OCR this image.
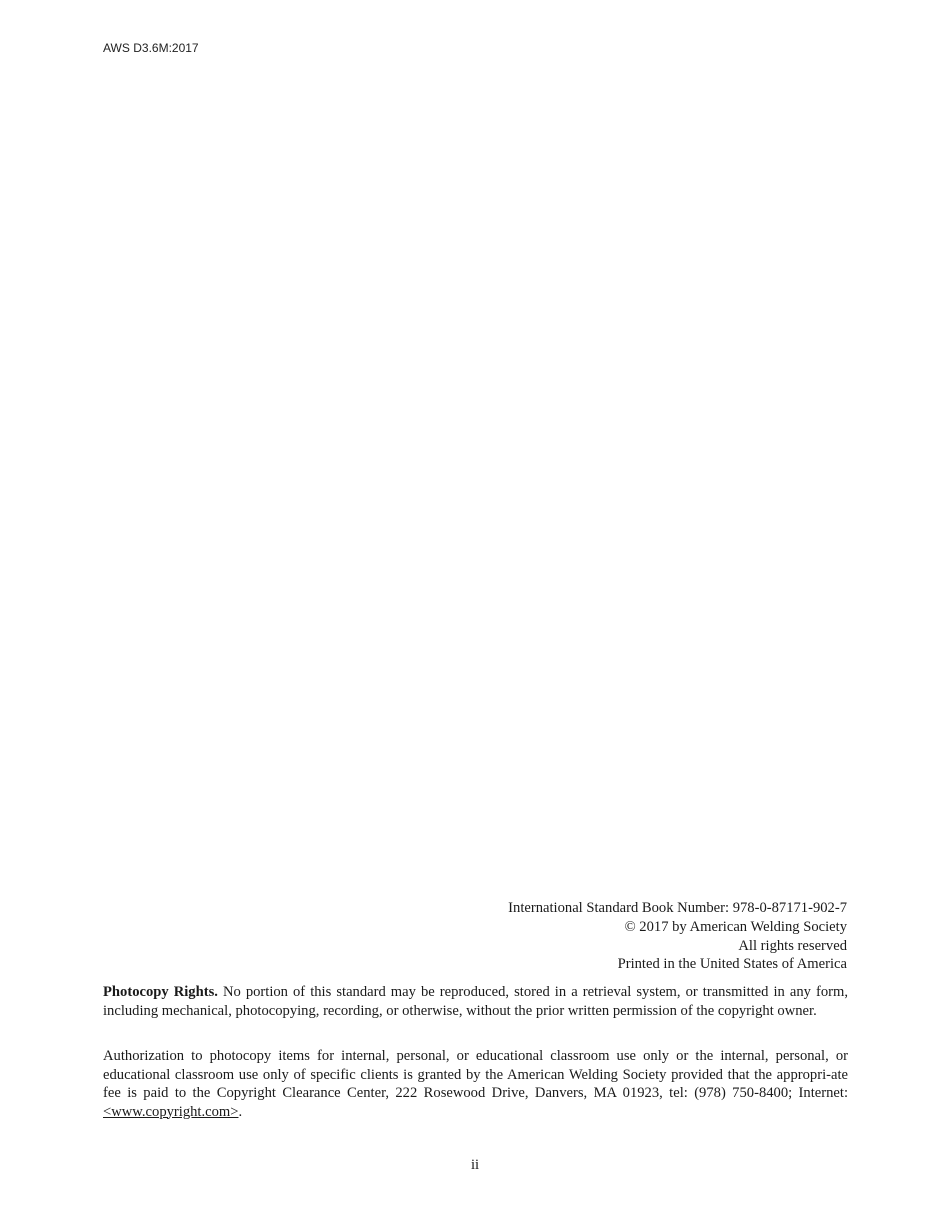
AWS D3.6M:2017
International Standard Book Number: 978-0-87171-902-7
© 2017 by American Welding Society
All rights reserved
Printed in the United States of America

Photocopy Rights. No portion of this standard may be reproduced, stored in a retrieval system, or transmitted in any form, including mechanical, photocopying, recording, or otherwise, without the prior written permission of the copyright owner.

Authorization to photocopy items for internal, personal, or educational classroom use only or the internal, personal, or educational classroom use only of specific clients is granted by the American Welding Society provided that the appropri-ate fee is paid to the Copyright Clearance Center, 222 Rosewood Drive, Danvers, MA 01923, tel: (978) 750-8400; Internet: <www.copyright.com>.

ii
